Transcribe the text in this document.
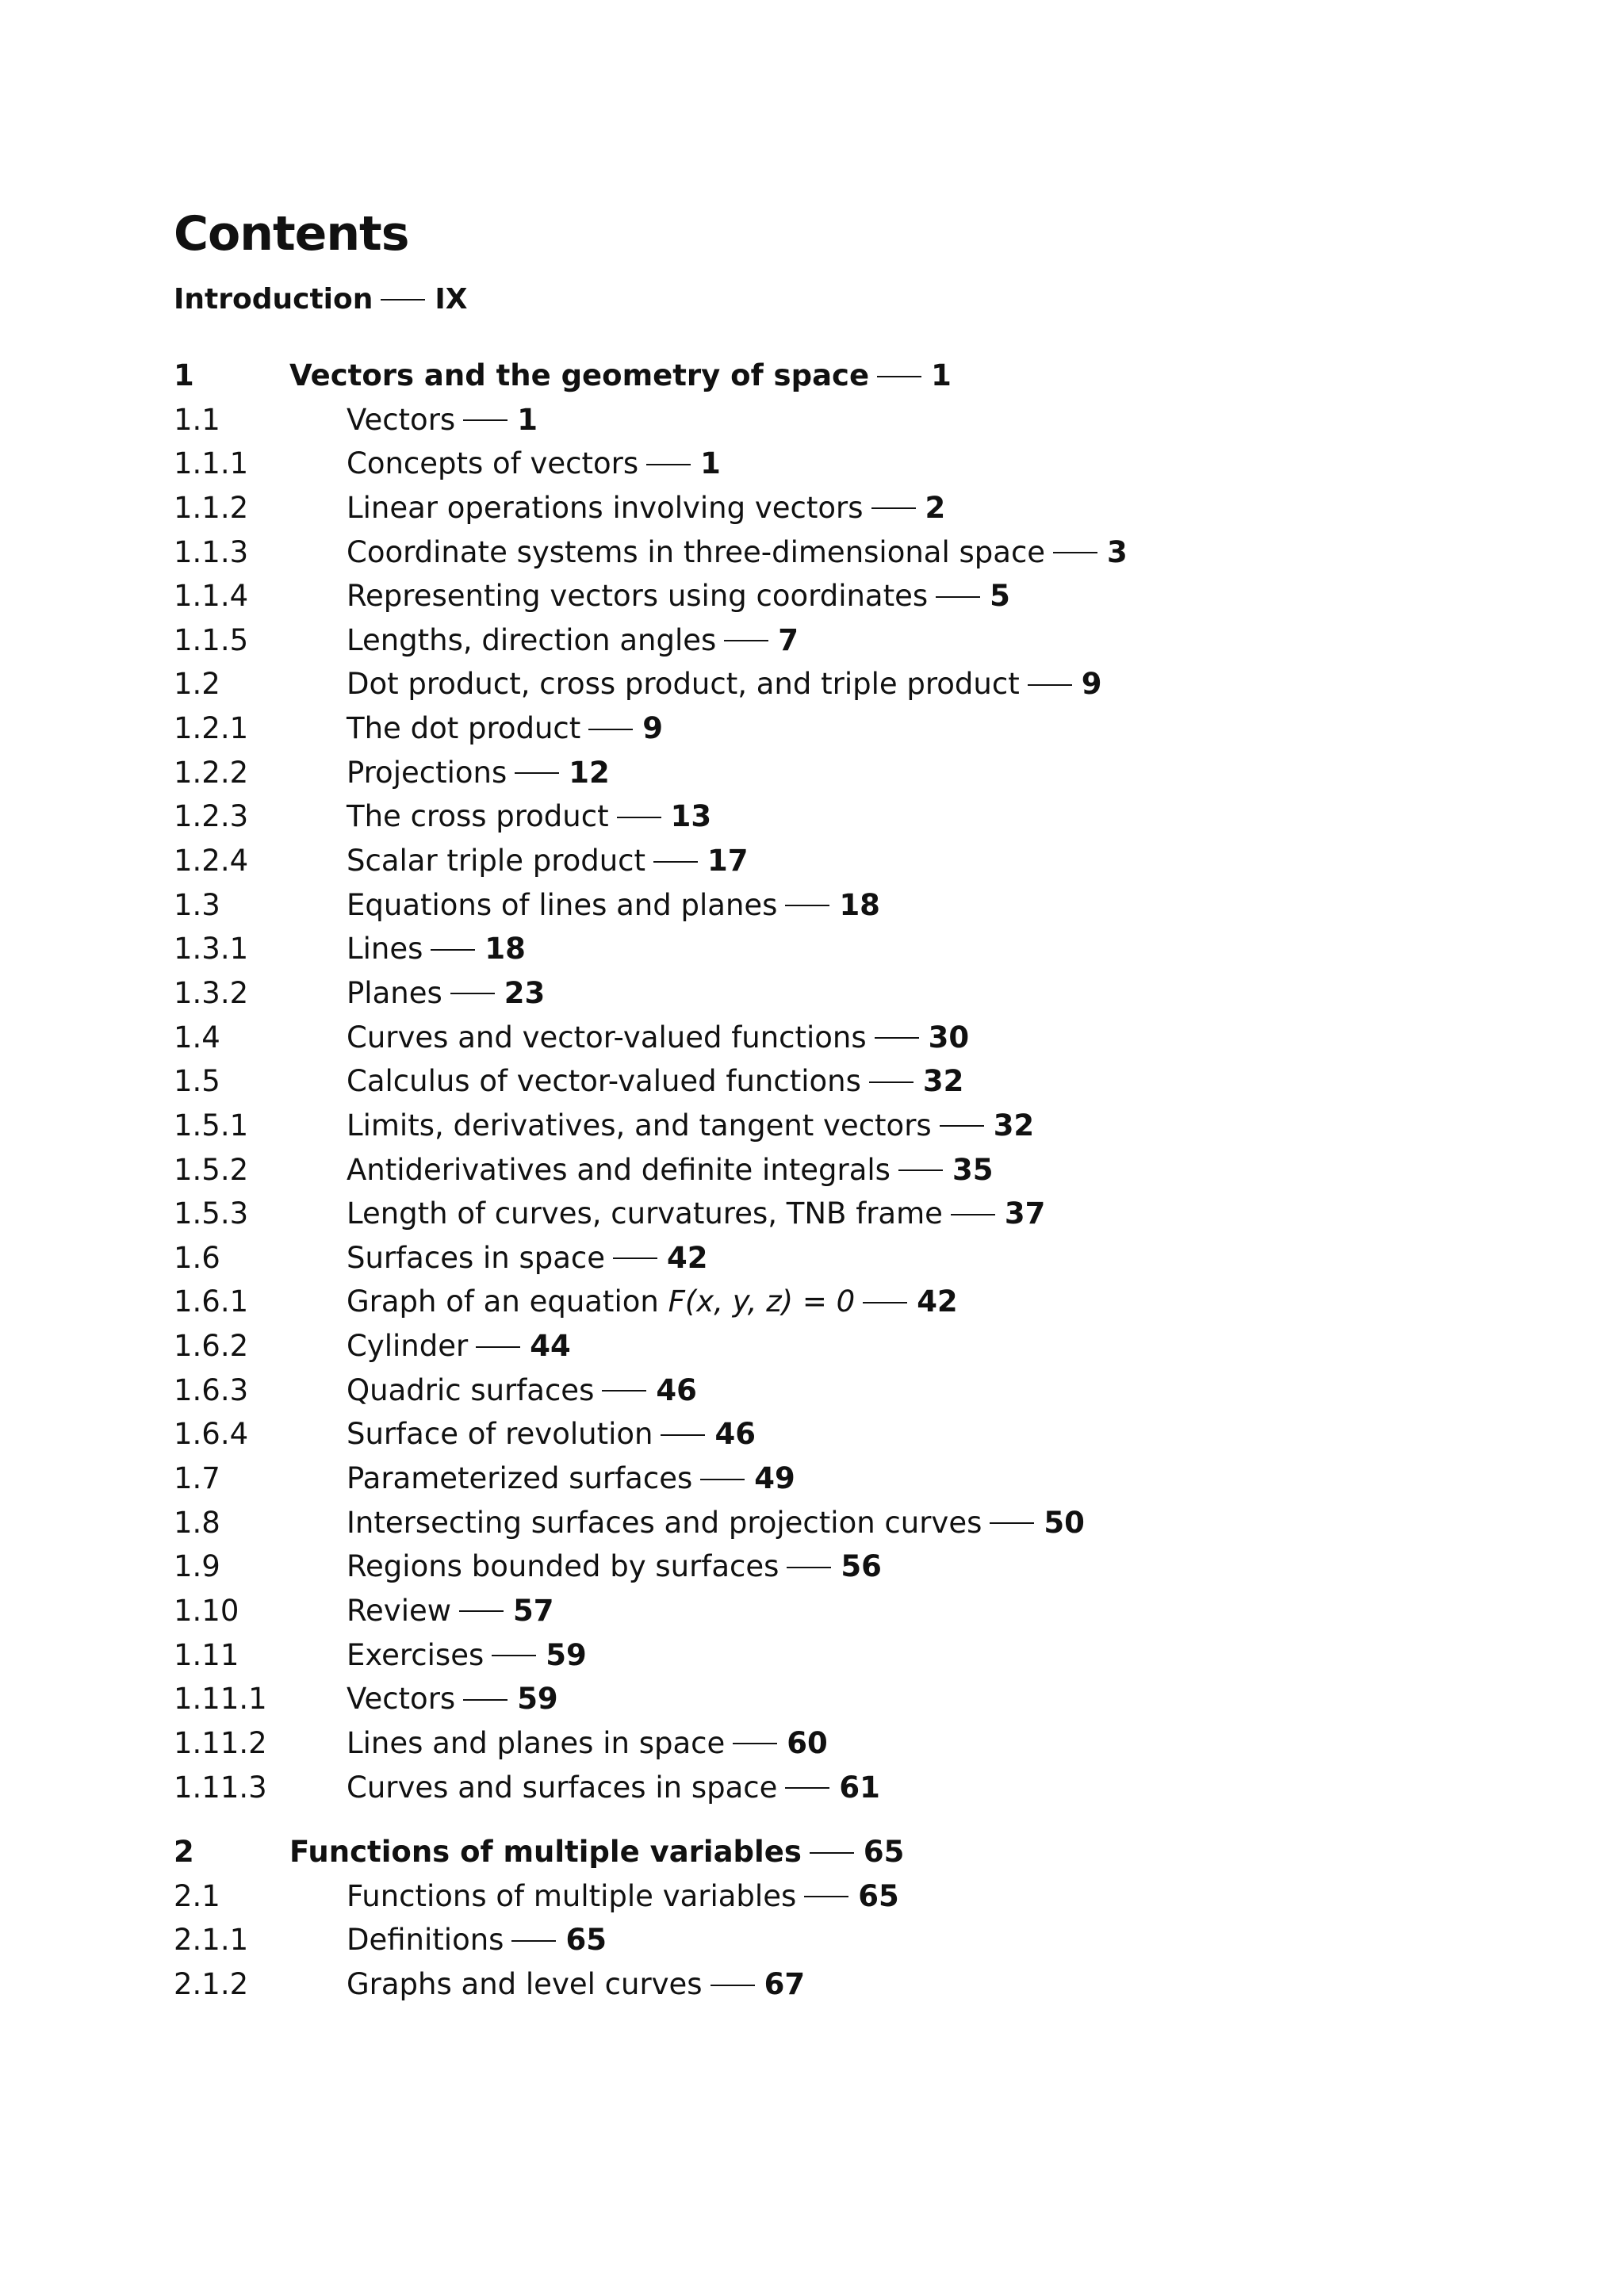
Contents
Introduction IX
1	Vectors and the geometry of space 1
1.1	Vectors 1
1.1.1	Concepts of vectors 1
1.1.2	Linear operations involving vectors 2
1.1.3	Coordinate systems in three-dimensional space 3
1.1.4	Representing vectors using coordinates 5
1.1.5	Lengths, direction angles 7
1.2	Dot product, cross product, and triple product 9
1.2.1	The dot product 9
1.2.2	Projections 12
1.2.3	The cross product 13
1.2.4	Scalar triple product 17
1.3	Equations of lines and planes 18
1.3.1	Lines 18
1.3.2	Planes 23
1.4	Curves and vector-valued functions 30
1.5	Calculus of vector-valued functions 32
1.5.1	Limits, derivatives, and tangent vectors 32
1.5.2	Antiderivatives and definite integrals 35
1.5.3	Length of curves, curvatures, TNB frame 37
1.6	Surfaces in space 42
1.6.1	Graph of an equation F(x, y, z) = 0 42
1.6.2	Cylinder 44
1.6.3	Quadric surfaces 46
1.6.4	Surface of revolution 46
1.7	Parameterized surfaces 49
1.8	Intersecting surfaces and projection curves 50
1.9	Regions bounded by surfaces 56
1.10	Review 57
1.11	Exercises 59
1.11.1	Vectors 59
1.11.2	Lines and planes in space 60
1.11.3	Curves and surfaces in space 61
2	Functions of multiple variables 65
2.1	Functions of multiple variables 65
2.1.1	Definitions 65
2.1.2	Graphs and level curves 67
